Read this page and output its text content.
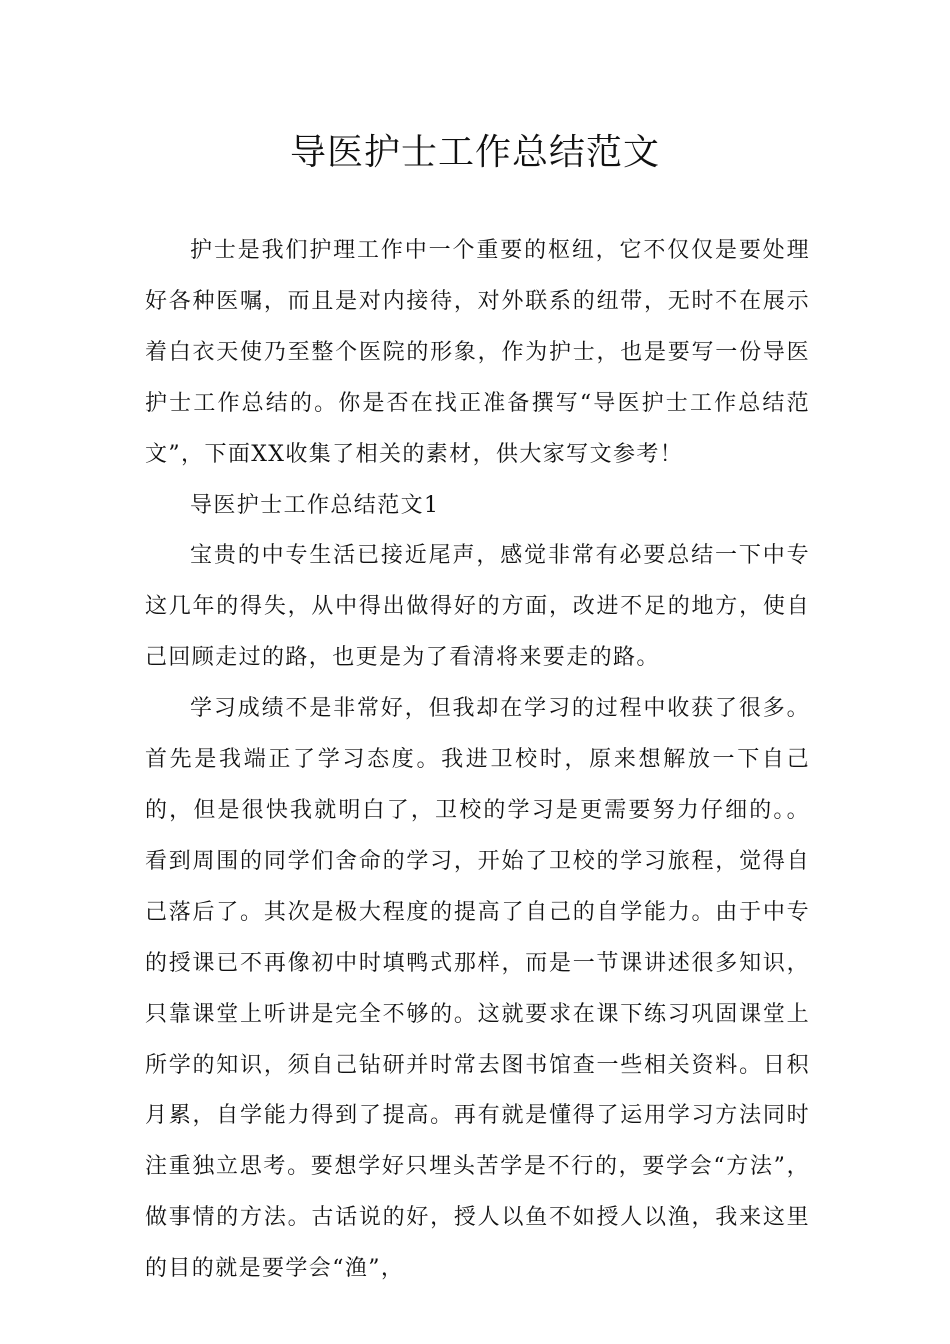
导医护士工作总结范文

护士是我们护理工作中一个重要的枢纽，它不仅仅是要处理好各种医嘱，而且是对内接待，对外联系的纽带，无时不在展示着白衣天使乃至整个医院的形象，作为护士，也是要写一份导医护士工作总结的。你是否在找正准备撰写“导医护士工作总结范文”，下面XX收集了相关的素材，供大家写文参考！

导医护士工作总结范文1

宝贵的中专生活已接近尾声，感觉非常有必要总结一下中专这几年的得失，从中得出做得好的方面，改进不足的地方，使自己回顾走过的路，也更是为了看清将来要走的路。

学习成绩不是非常好，但我却在学习的过程中收获了很多。首先是我端正了学习态度。我进卫校时，原来想解放一下自己的，但是很快我就明白了，卫校的学习是更需要努力仔细的。。看到周围的同学们舍命的学习，开始了卫校的学习旅程，觉得自己落后了。其次是极大程度的提高了自己的自学能力。由于中专的授课已不再像初中时填鸭式那样，而是一节课讲述很多知识，只靠课堂上听讲是完全不够的。这就要求在课下练习巩固课堂上所学的知识，须自己钻研并时常去图书馆查一些相关资料。日积月累，自学能力得到了提高。再有就是懂得了运用学习方法同时注重独立思考。要想学好只埋头苦学是不行的，要学会“方法”，做事情的方法。古话说的好，授人以鱼不如授人以渔，我来这里的目的就是要学会“渔”，
